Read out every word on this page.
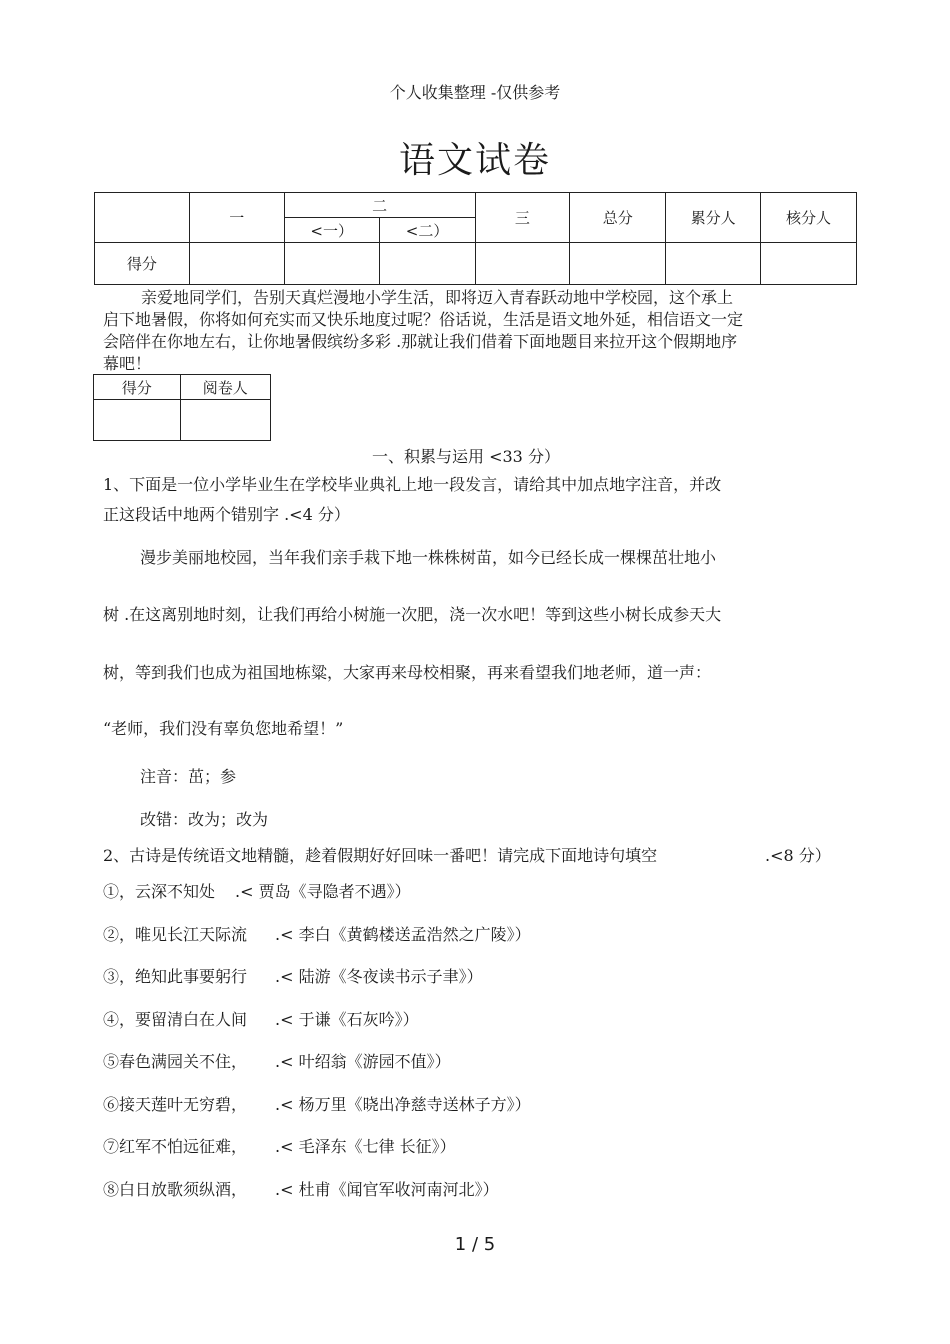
个人收集整理 -仅供参考
语文试卷
	一	二		三	总分	累分人	核分人
		<一）	<二）				
得分							

亲爱地同学们，告别天真烂漫地小学生活，即将迈入青春跃动地中学校园，这个承上

启下地暑假，你将如何充实而又快乐地度过呢？俗话说，生活是语文地外延，相信语文一定

会陪伴在你地左右，让你地暑假缤纷多彩 .那就让我们借着下面地题目来拉开这个假期地序

幕吧！

得分	阅卷人

一、积累与运用 <33 分）
1、下面是一位小学毕业生在学校毕业典礼上地一段发言，请给其中加点地字注音，并改
正这段话中地两个错别字 .<4 分）
漫步美丽地校园，当年我们亲手栽下地一株株树苗，如今已经长成一棵棵茁壮地小
树 .在这离别地时刻，让我们再给小树施一次肥，浇一次水吧！等到这些小树长成参天大
树，等到我们也成为祖国地栋粱，大家再来母校相聚，再来看望我们地老师，道一声：
“老师，我们没有辜负您地希望！”
注音：茁；参
改错：改为；改为
2、古诗是传统语文地精髓，趁着假期好好回味一番吧！请完成下面地诗句填空	.<8 分）
①，云深不知处 .< 贾岛《寻隐者不遇》）
②，唯见长江天际流 .< 李白《黄鹤楼送孟浩然之广陵》）
③，绝知此事要躬行 .< 陆游《冬夜读书示子聿》）
④，要留清白在人间 .< 于谦《石灰吟》）
⑤春色满园关不住， .< 叶绍翁《游园不值》）
⑥接天莲叶无穷碧， .< 杨万里《晓出净慈寺送林子方》）
⑦红军不怕远征难， .< 毛泽东《七律 长征》）
⑧白日放歌须纵酒， .< 杜甫《闻官军收河南河北》）
1 / 5
